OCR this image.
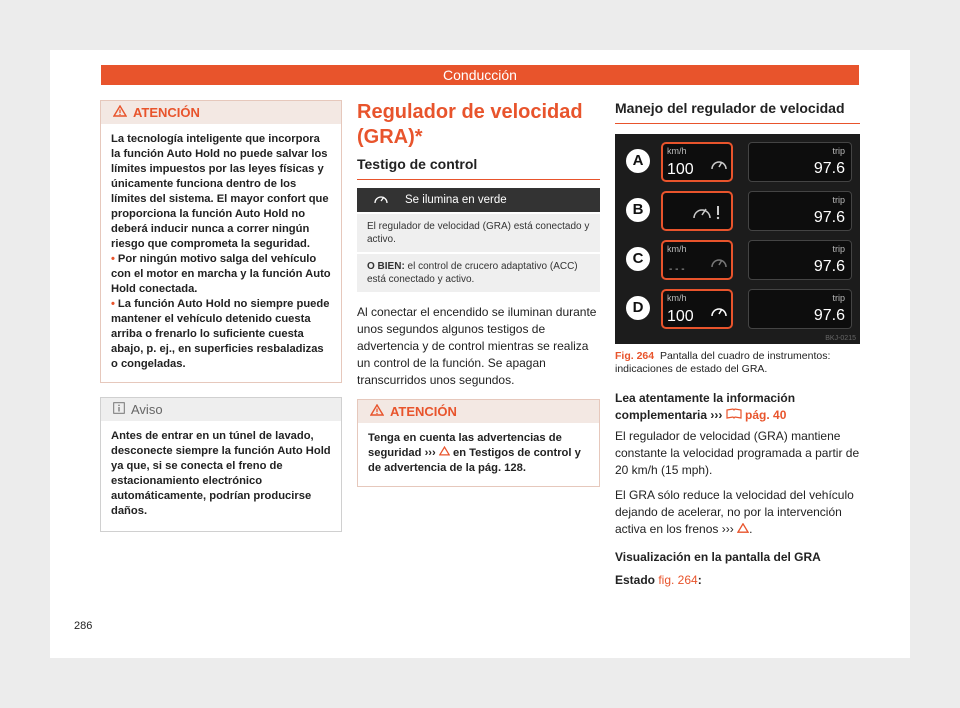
Conducción
ATENCIÓN

La tecnología inteligente que incorpora la función Auto Hold no puede salvar los límites impuestos por las leyes físicas y únicamente funciona dentro de los límites del sistema. El mayor confort que proporciona la función Auto Hold no deberá inducir nunca a correr ningún riesgo que comprometa la seguridad.

• Por ningún motivo salga del vehículo con el motor en marcha y la función Auto Hold conectada.

• La función Auto Hold no siempre puede mantener el vehículo detenido cuesta arriba o frenarlo lo suficiente cuesta abajo, p. ej., en superficies resbaladizas o congeladas.

Aviso
Antes de entrar en un túnel de lavado, desconecte siempre la función Auto Hold ya que, si se conecta el freno de estacionamiento electrónico automáticamente, podrían producirse daños.
Regulador de velocidad (GRA)*
Testigo de control
Se ilumina en verde
El regulador de velocidad (GRA) está conectado y activo.
O BIEN: el control de crucero adaptativo (ACC) está conectado y activo.

Al conectar el encendido se iluminan durante unos segundos algunos testigos de advertencia y de control mientras se realiza un control de la función. Se apagan transcurridos unos segundos.

ATENCIÓN
Tenga en cuenta las advertencias de seguridad ›››  en Testigos de control y de advertencia de la pág. 128.
Manejo del regulador de velocidad
A
km/h
100
trip
97.6
B
trip
97.6
C
km/h
- - -
trip
97.6
D
km/h
100
trip
97.6
BKJ-0215

Fig. 264 Pantalla del cuadro de instrumentos: indicaciones de estado del GRA.

Lea atentamente la información complementaria ›››  pág. 40

El regulador de velocidad (GRA) mantiene constante la velocidad programada a partir de 20 km/h (15 mph).

El GRA sólo reduce la velocidad del vehículo dejando de acelerar, no por la intervención activa en los frenos ››› .

Visualización en la pantalla del GRA

Estado fig. 264:

286
